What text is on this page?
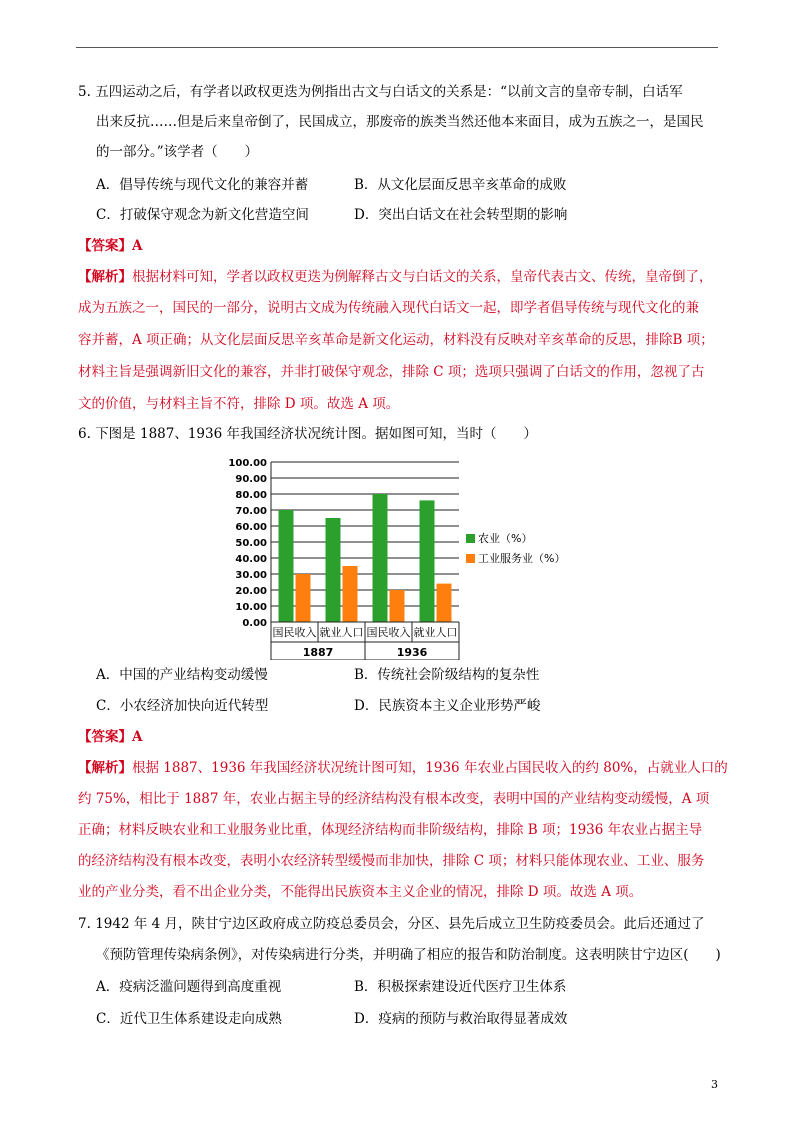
5. 五四运动之后，有学者以政权更迭为例指出古文与白话文的关系是：“以前文言的皇帝专制，白话军
出来反抗……但是后来皇帝倒了，民国成立，那废帝的族类当然还他本来面目，成为五族之一，是国民
的一部分。”该学者（　　）
A．倡导传统与现代文化的兼容并蓄	B．从文化层面反思辛亥革命的成败
C．打破保守观念为新文化营造空间	D．突出白话文在社会转型期的影响
【答案】A
【解析】根据材料可知，学者以政权更迭为例解释古文与白话文的关系，皇帝代表古文、传统，皇帝倒了，
成为五族之一，国民的一部分，说明古文成为传统融入现代白话文一起，即学者倡导传统与现代文化的兼
容并蓄，A 项正确；从文化层面反思辛亥革命是新文化运动，材料没有反映对辛亥革命的反思，排除B 项；
材料主旨是强调新旧文化的兼容，并非打破保守观念，排除 C 项；选项只强调了白话文的作用，忽视了古
文的价值，与材料主旨不符，排除 D 项。故选 A 项。
6. 下图是 1887、1936 年我国经济状况统计图。据如图可知，当时（　　）
100.00
90.00
80.00
70.00
60.00
50.00
40.00
30.00
20.00
10.00
0.00
国民收入 就业人口 国民收入 就业人口
1887	1936
农业（%）
工业服务业（%）
A．中国的产业结构变动缓慢	B．传统社会阶级结构的复杂性
C．小农经济加快向近代转型	D．民族资本主义企业形势严峻
【答案】A
【解析】根据 1887、1936 年我国经济状况统计图可知，1936 年农业占国民收入的约 80%，占就业人口的
约 75%，相比于 1887 年，农业占据主导的经济结构没有根本改变，表明中国的产业结构变动缓慢，A 项
正确；材料反映农业和工业服务业比重，体现经济结构而非阶级结构，排除 B 项；1936 年农业占据主导
的经济结构没有根本改变，表明小农经济转型缓慢而非加快，排除 C 项；材料只能体现农业、工业、服务
业的产业分类，看不出企业分类，不能得出民族资本主义企业的情况，排除 D 项。故选 A 项。
7. 1942 年 4 月，陕甘宁边区政府成立防疫总委员会，分区、县先后成立卫生防疫委员会。此后还通过了
《预防管理传染病条例》，对传染病进行分类，并明确了相应的报告和防治制度。这表明陕甘宁边区(　　)
A．疫病泛滥问题得到高度重视	B．积极探索建设近代医疗卫生体系
C．近代卫生体系建设走向成熟	D．疫病的预防与救治取得显著成效
3
